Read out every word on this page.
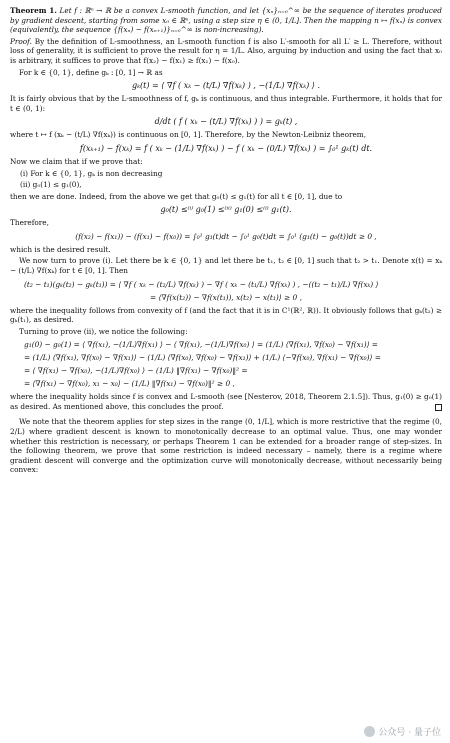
Theorem 1. Let f : ℝⁿ → ℝ be a convex L-smooth function, and let {xₙ}ₙ₌₀^∞ be the sequence of iterates produced by gradient descent, starting from some x₀ ∈ ℝⁿ, using a step size η ∈ (0, 1/L]. Then the mapping n ↦ f(xₙ) is convex (equivalently, the sequence {f(xₙ) − f(xₙ₊₁)}ₙ₌₀^∞ is non-increasing).
Proof. By the definition of L-smoothness, an L-smooth function f is also L′-smooth for all L′ ≥ L. Therefore, without loss of generality, it is sufficient to prove the result for η = 1/L. Also, arguing by induction and using the fact that x₀ is arbitrary, it suffices to prove that f(x₂) − f(x₁) ≥ f(x₁) − f(x₀).
For k ∈ {0, 1}, define gₖ : [0, 1] → ℝ as
gₖ(t) = ⟨ ∇f ( xₖ − (t/L) ∇f(xₖ) ) , −(1/L) ∇f(xₖ) ⟩ .
It is fairly obvious that by the L-smoothness of f, gₖ is continuous, and thus integrable. Furthermore, it holds that for t ∈ (0, 1):
d/dt ( f ( xₖ − (t/L) ∇f(xₖ) ) ) = gₖ(t) ,
where t ↦ f (xₖ − (t/L) ∇f(xₖ)) is continuous on [0, 1]. Therefore, by the Newton-Leibniz theorem,
f(xₖ₊₁) − f(xₖ) = f ( xₖ − (1/L) ∇f(xₖ) ) − f ( xₖ − (0/L) ∇f(xₖ) ) = ∫₀¹ gₖ(t) dt.
Now we claim that if we prove that:
(i) For k ∈ {0, 1}, gₖ is non decreasing
(ii) g₀(1) ≤ g₁(0),
then we are done. Indeed, from the above we get that g₀(t) ≤ g₁(t) for all t ∈ [0, 1], due to
g₀(t) ≤⁽ⁱ⁾ g₀(1) ≤⁽ⁱⁱ⁾ g₁(0) ≤⁽ⁱ⁾ g₁(t).
Therefore,
(f(x₂) − f(x₁)) − (f(x₁) − f(x₀)) = ∫₀¹ g₁(t)dt − ∫₀¹ g₀(t)dt = ∫₀¹ (g₁(t) − g₀(t))dt ≥ 0 ,
which is the desired result.
We now turn to prove (i). Let there be k ∈ {0, 1} and let there be t₁, t₂ ∈ [0, 1] such that t₂ > t₁. Denote x(t) = xₖ − (t/L) ∇f(xₖ) for t ∈ [0, 1]. Then
(t₂ − t₁)(gₖ(t₂) − gₖ(t₁)) = ⟨ ∇f ( xₖ − (t₂/L) ∇f(xₖ) ) − ∇f ( xₖ − (t₁/L) ∇f(xₖ) ) , −((t₂ − t₁)/L) ∇f(xₖ) ⟩
= ⟨∇f(x(t₂)) − ∇f(x(t₁)), x(t₂) − x(t₁)⟩ ≥ 0 ,
where the inequality follows from convexity of f (and the fact that it is in C¹(ℝ², ℝ)). It obviously follows that gₖ(t₂) ≥ gₖ(t₁), as desired.
Turning to prove (ii), we notice the following:
g₁(0) − g₀(1) = ⟨ ∇f(x₁), −(1/L)∇f(x₁) ⟩ − ⟨ ∇f(x₁), −(1/L)∇f(x₀) ⟩ = (1/L) ⟨∇f(x₁), ∇f(x₀) − ∇f(x₁)⟩ =
= (1/L) ⟨∇f(x₁), ∇f(x₀) − ∇f(x₁)⟩ − (1/L) ⟨∇f(x₀), ∇f(x₀) − ∇f(x₁)⟩ + (1/L) ⟨−∇f(x₀), ∇f(x₁) − ∇f(x₀)⟩ =
= ⟨ ∇f(x₁) − ∇f(x₀), −(1/L)∇f(x₀) ⟩ − (1/L) ‖∇f(x₁) − ∇f(x₀)‖² =
= ⟨∇f(x₁) − ∇f(x₀), x₁ − x₀⟩ − (1/L) ‖∇f(x₁) − ∇f(x₀)‖² ≥ 0 ,
where the inequality holds since f is convex and L-smooth (see [Nesterov, 2018, Theorem 2.1.5]). Thus, g₁(0) ≥ g₀(1) as desired. As mentioned above, this concludes the proof.
We note that the theorem applies for step sizes in the range (0, 1/L], which is more restrictive that the regime (0, 2/L) where gradient descent is known to monotonically decrease to an optimal value. Thus, one may wonder whether this restriction is necessary, or perhaps Theorem 1 can be extended for a broader range of step-sizes. In the following theorem, we prove that some restriction is indeed necessary – namely, there is a regime where gradient descent will converge and the optimization curve will monotonically decrease, without necessarily being convex:
公众号 · 量子位
